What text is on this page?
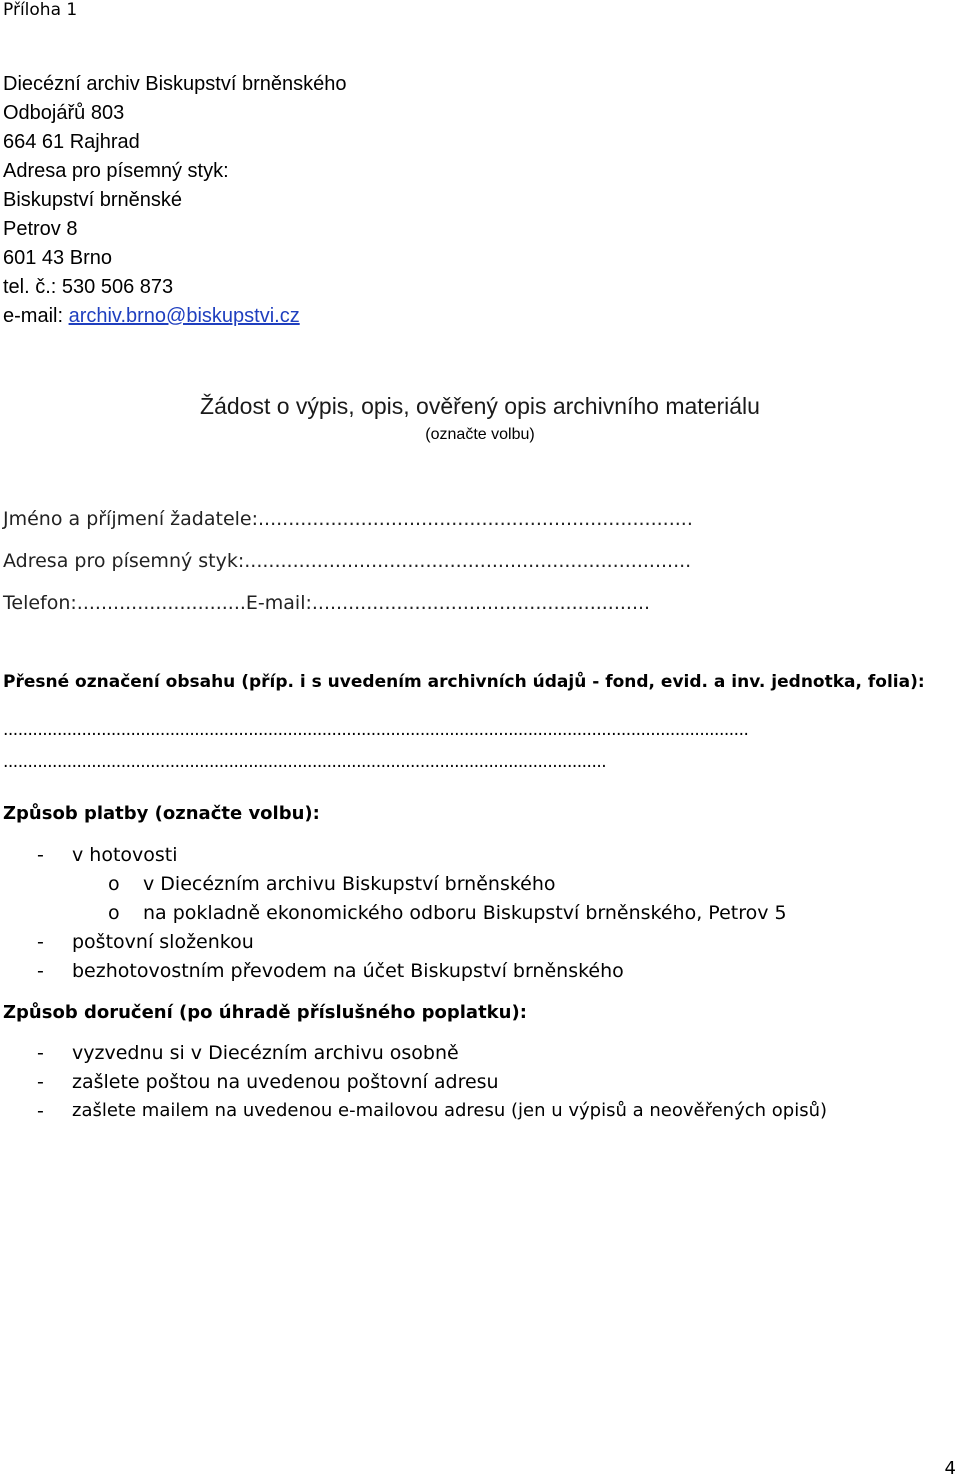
Příloha 1
Diecézní archiv Biskupství brněnského
Odbojářů 803
664 61 Rajhrad
Adresa pro písemný styk:
Biskupství brněnské
Petrov 8
601 43 Brno
tel. č.: 530 506 873
e-mail: archiv.brno@biskupstvi.cz
Žádost o výpis, opis, ověřený opis archivního materiálu
(označte volbu)
Jméno a příjmení žadatele:........................................................................
Adresa pro písemný styk:..........................................................................
Telefon:............................E-mail:........................................................
Přesné označení obsahu (příp. i s uvedením archivních údajů - fond, evid. a inv. jednotka, folia):
........................................................................................................................................................
...........................................................................................................................
Způsob platby (označte volbu):
- v hotovosti
o v Diecézním archivu Biskupství brněnského
o na pokladně ekonomického odboru Biskupství brněnského, Petrov 5
- poštovní složenkou
- bezhotovostním převodem na účet Biskupství brněnského
Způsob doručení (po úhradě příslušného poplatku):
- vyzvednu si v Diecézním archivu osobně
- zašlete poštou na uvedenou poštovní adresu
- zašlete mailem na uvedenou e-mailovou adresu (jen u výpisů a neověřených opisů)
4
